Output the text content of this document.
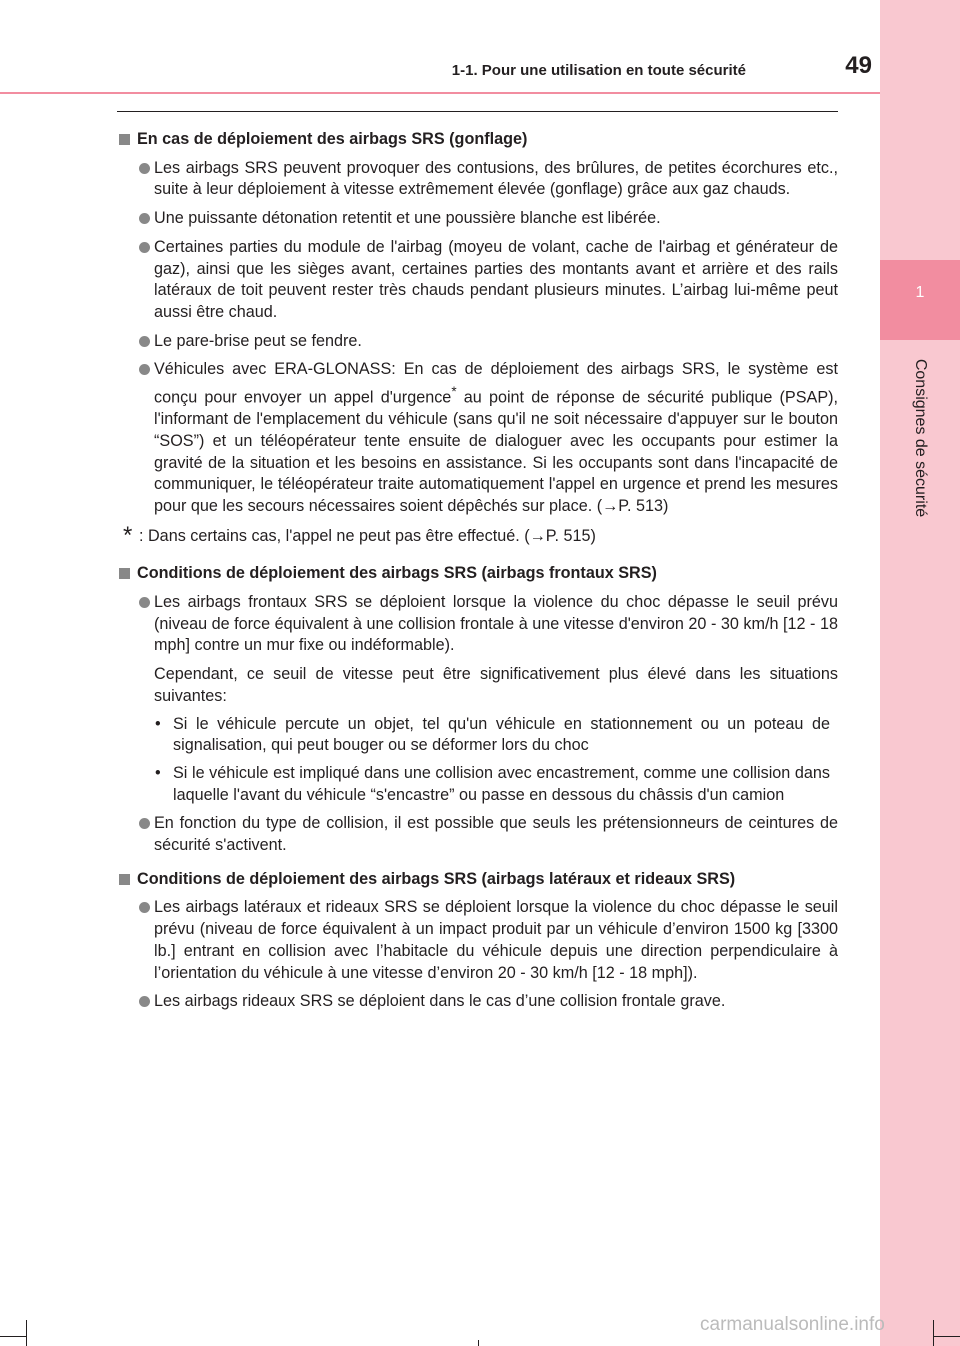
1
Consignes de sécurité
1-1. Pour une utilisation en toute sécurité	49
En cas de déploiement des airbags SRS (gonflage)
Les airbags SRS peuvent provoquer des contusions, des brûlures, de petites écorchures etc., suite à leur déploiement à vitesse extrêmement élevée (gonflage) grâce aux gaz chauds.
Une puissante détonation retentit et une poussière blanche est libérée.
Certaines parties du module de l'airbag (moyeu de volant, cache de l'airbag et générateur de gaz), ainsi que les sièges avant, certaines parties des montants avant et arrière et des rails latéraux de toit peuvent rester très chauds pendant plusieurs minutes. L’airbag lui-même peut aussi être chaud.
Le pare-brise peut se fendre.
Véhicules avec ERA-GLONASS: En cas de déploiement des airbags SRS, le système est conçu pour envoyer un appel d'urgence* au point de réponse de sécurité publique (PSAP), l'informant de l'emplacement du véhicule (sans qu'il ne soit nécessaire d'appuyer sur le bouton “SOS”) et un téléopérateur tente ensuite de dialoguer avec les occupants pour estimer la gravité de la situation et les besoins en assistance. Si les occupants sont dans l'incapacité de communiquer, le téléopérateur traite automatiquement l'appel en urgence et prend les mesures pour que les secours nécessaires soient dépêchés sur place. (→P. 513)
* : Dans certains cas, l'appel ne peut pas être effectué. (→P. 515)
Conditions de déploiement des airbags SRS (airbags frontaux SRS)
Les airbags frontaux SRS se déploient lorsque la violence du choc dépasse le seuil prévu (niveau de force équivalent à une collision frontale à une vitesse d'environ 20 - 30 km/h [12 - 18 mph] contre un mur fixe ou indéformable).
Cependant, ce seuil de vitesse peut être significativement plus élevé dans les situations suivantes:
• Si le véhicule percute un objet, tel qu'un véhicule en stationnement ou un poteau de signalisation, qui peut bouger ou se déformer lors du choc
• Si le véhicule est impliqué dans une collision avec encastrement, comme une collision dans laquelle l'avant du véhicule “s'encastre” ou passe en dessous du châssis d'un camion
En fonction du type de collision, il est possible que seuls les prétensionneurs de ceintures de sécurité s'activent.
Conditions de déploiement des airbags SRS (airbags latéraux et rideaux SRS)
Les airbags latéraux et rideaux SRS se déploient lorsque la violence du choc dépasse le seuil prévu (niveau de force équivalent à un impact produit par un véhicule d’environ 1500 kg [3300 lb.] entrant en collision avec l’habitacle du véhicule depuis une direction perpendiculaire à l’orientation du véhicule à une vitesse d’environ 20 - 30 km/h [12 - 18 mph]).
Les airbags rideaux SRS se déploient dans le cas d’une collision frontale grave.
carmanualsonline.info
